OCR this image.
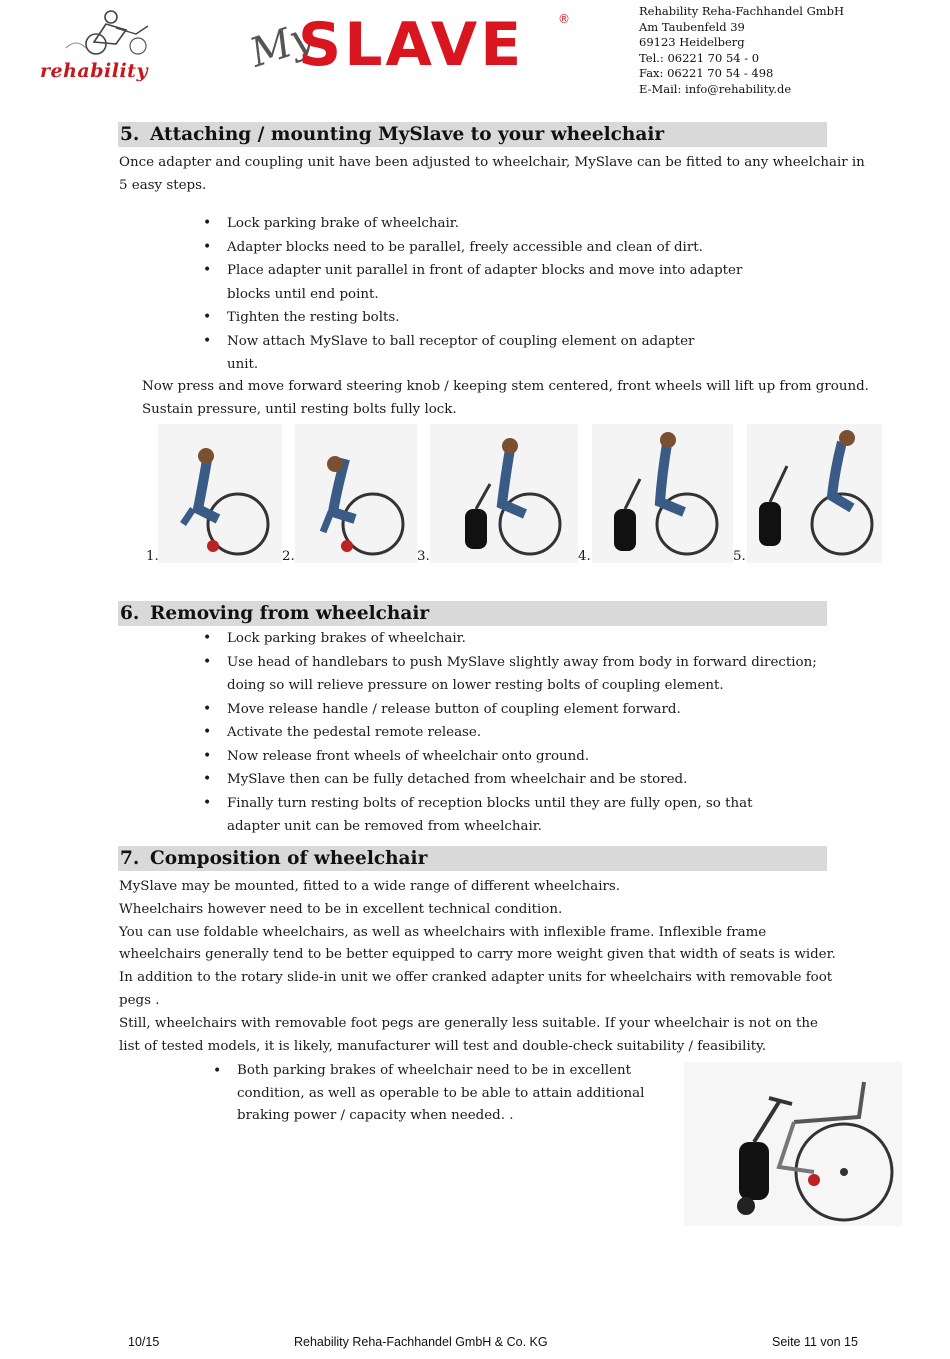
rehability My
SLAVE	®
Rehability Reha-Fachhandel GmbH
Am Taubenfeld 39
69123 Heidelberg
Tel.: 06221 70 54 - 0
Fax: 06221 70 54 - 498
E-Mail: info@rehability.de
5. Attaching / mounting MySlave to your wheelchair
Once adapter and coupling unit have been adjusted to wheelchair, MySlave can be fitted to any wheelchair in
5 easy steps.
• Lock parking brake of wheelchair.
• Adapter blocks need to be parallel, freely accessible and clean of dirt.
• Place adapter unit parallel in front of adapter blocks and move into adapter
blocks until end point.
• Tighten the resting bolts.
• Now attach MySlave to ball receptor of coupling element on adapter
unit.
Now press and move forward steering knob / keeping stem centered, front wheels will lift up from ground.
Sustain pressure, until resting bolts fully lock.
1.	2.	3.	4.	5.
6. Removing from wheelchair
• Lock parking brakes of wheelchair.
• Use head of handlebars to push MySlave slightly away from body in forward direction;
doing so will relieve pressure on lower resting bolts of coupling element.
• Move release handle / release button of coupling element forward.
• Activate the pedestal remote release.
• Now release front wheels of wheelchair onto ground.
• MySlave then can be fully detached from wheelchair and be stored.
• Finally turn resting bolts of reception blocks until they are fully open, so that
adapter unit can be removed from wheelchair.
7. Composition of wheelchair
MySlave may be mounted, fitted to a wide range of different wheelchairs.
Wheelchairs however need to be in excellent technical condition.
You can use foldable wheelchairs, as well as wheelchairs with inflexible frame. Inflexible frame
wheelchairs generally tend to be better equipped to carry more weight given that width of seats is wider.
In addition to the rotary slide-in unit we offer cranked adapter units for wheelchairs with removable foot
pegs .
Still, wheelchairs with removable foot pegs are generally less suitable. If your wheelchair is not on the
list of tested models, it is likely, manufacturer will test and double-check suitability / feasibility.
• Both parking brakes of wheelchair need to be in excellent
condition, as well as operable to be able to attain additional
braking power / capacity when needed. .
10/15	Rehability Reha-Fachhandel GmbH & Co. KG	Seite 11 von 15
